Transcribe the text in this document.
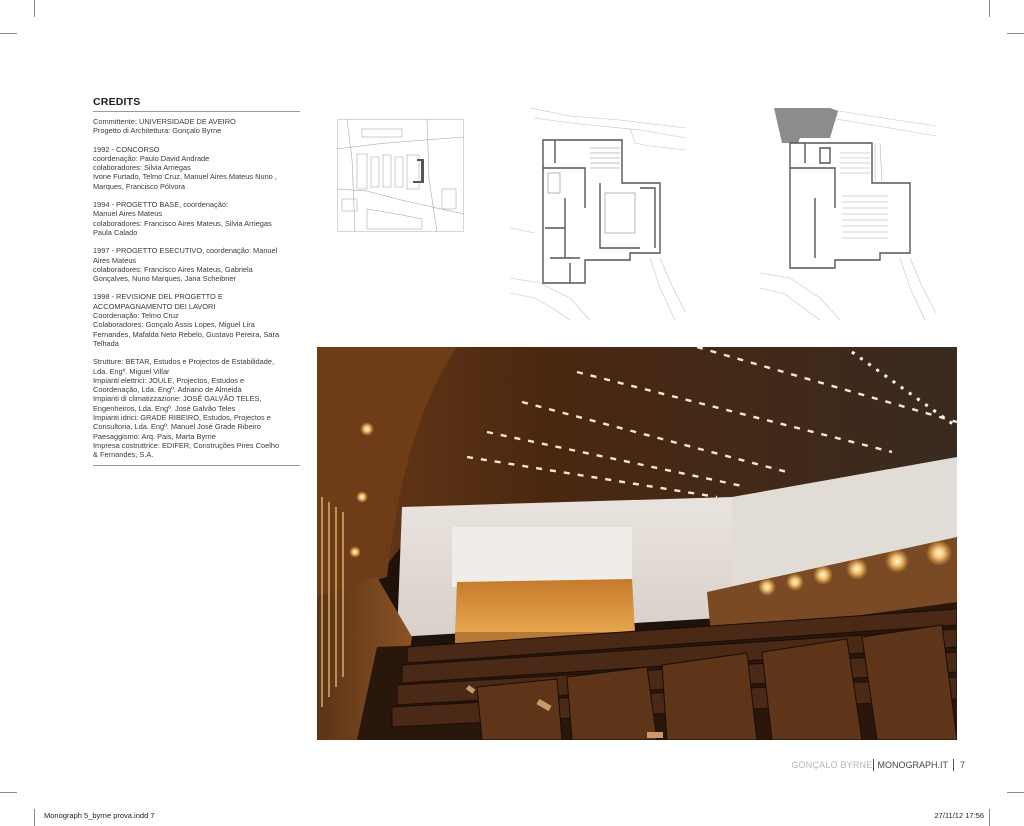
CREDITS

Committente: UNIVERSIDADE DE AVEIRO
Progetto di Architettura: Gonçalo Byrne

1992 - CONCORSO
coordenação: Paulo David Andrade
colaboradores: Silvia Arriegas
Ivone Furtado, Telmo Cruz, Manuel Aires Mateus Nuno ,
Marques, Francisco Pólvora

1994 - PROGETTO BASE, coordenação:
Manuel Aires Mateus
colaboradores: Francisco Aires Mateus, Silvia Arriegas
Paula Calado

1997 - PROGETTO ESECUTIVO, coordenação: Manuel
Aires Mateus
colaboradores: Francisco Aires Mateus, Gabriela
Gonçalves, Nuno Marques, Jana Scheibner

1998 - REVISIONE DEL PROGETTO E
ACCOMPAGNAMENTO DEI LAVORI
Coordenação: Telmo Cruz
Colaboradores: Gonçalo Assis Lopes, Miguel Lira
Fernandes, Mafalda Neto Rebelo, Gustavo Pereira, Sara
Telhada

Strutture: BETAR, Estudos e Projectos de Estabilidade,
Lda. Engº. Miguel Villar
Impianti elettrici: JOULE, Projectos, Estudos e
Coordenação, Lda. Engº. Adriano de Almeida
Impianti di climatizzazione: JOSÉ GALVÃO TELES,
Engenheiros, Lda. Engº. José Galvão Teles
Impianti idrici: GRADE RIBEIRO, Estudos, Projectos e
Consultoria, Lda. Engº. Manuel José Grade Ribeiro
Paesaggismo: Arq. Pais, Marta Byrne
Impresa costruttrice: EDIFER, Construções Pires Coelho
& Fernandes, S.A.

GONÇALO BYRNE MONOGRAPH.IT 7
Monograph 5_byrne prova.indd 7	27/11/12 17:56
